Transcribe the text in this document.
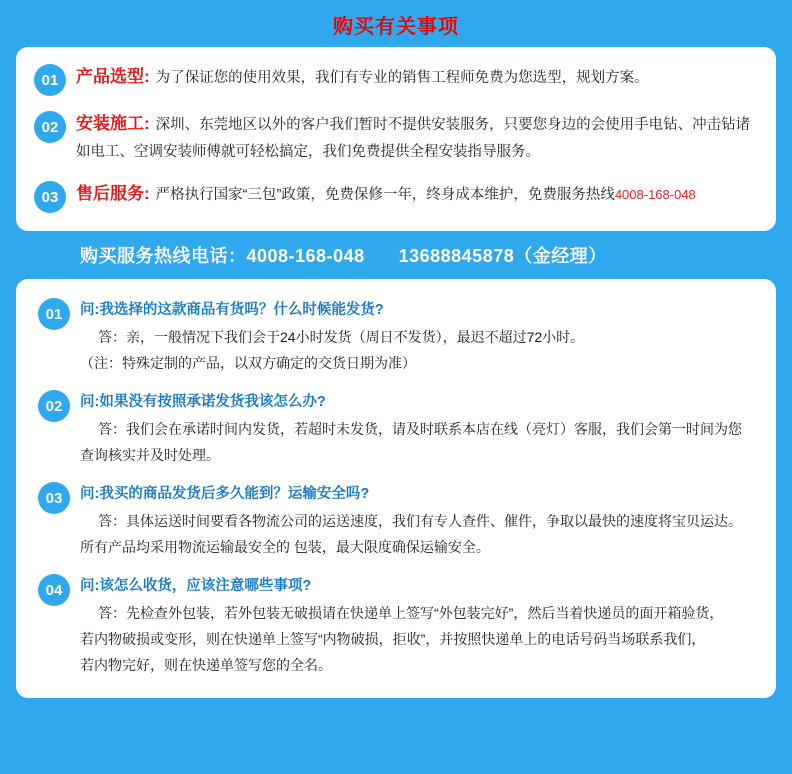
购买有关事项
01	产品选型: 为了保证您的使用效果，我们有专业的销售工程师免费为您选型，规划方案。
02	安装施工: 深圳、东莞地区以外的客户我们暂时不提供安装服务，只要您身边的会使用手电钻、冲击钻诸如电工、空调安装师傅就可轻松搞定，我们免费提供全程安装指导服务。
03	售后服务: 严格执行国家“三包”政策，免费保修一年，终身成本维护，免费服务热线4008-168-048
购买服务热线电话：4008-168-048 13688845878（金经理）
01	问:我选择的这款商品有货吗？什么时候能发货?
答：亲，一般情况下我们会于24小时发货（周日不发货），最迟不超过72小时。
（注：特殊定制的产品，以双方确定的交货日期为准）
02	问:如果没有按照承诺发货我该怎么办?
答：我们会在承诺时间内发货，若超时未发货，请及时联系本店在线（亮灯）客服，我们会第一时间为您
查询核实并及时处理。
03	问:我买的商品发货后多久能到？运输安全吗?
答：具体运送时间要看各物流公司的运送速度，我们有专人查件、催件，争取以最快的速度将宝贝运达。
所有产品均采用物流运输最安全的 包装，最大限度确保运输安全。
04	问:该怎么收货，应该注意哪些事项?
答：先检查外包装，若外包装无破损请在快递单上签写“外包装完好”，然后当着快递员的面开箱验货，
若内物破损或变形，则在快递单上签写“内物破损，拒收”，并按照快递单上的电话号码当场联系我们，
若内物完好，则在快递单签写您的全名。
